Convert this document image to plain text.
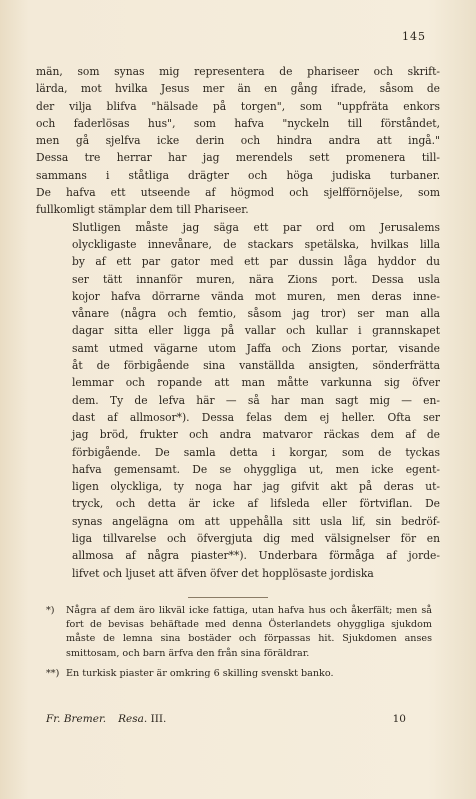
145

män, som synas mig representera de phariseer och skrift-
lärda, mot hvilka Jesus mer än en gång ifrade, såsom de
der vilja blifva "hälsade på torgen", som "uppfräta enkors
och faderlösas hus", som hafva "nyckeln till förståndet,
men gå sjelfva icke derin och hindra andra att ingå."
Dessa tre herrar har jag merendels sett promenera till-
sammans i ståtliga drägter och höga judiska turbaner.
De hafva ett utseende af högmod och sjelfförnöjelse, som
fullkomligt stämplar dem till Phariseer.

Slutligen måste jag säga ett par ord om Jerusalems
olyckligaste innevånare, de stackars spetälska, hvilkas lilla
by af ett par gator med ett par dussin låga hyddor du
ser tätt innanför muren, nära Zions port. Dessa usla
kojor hafva dörrarne vända mot muren, men deras inne-
vånare (några och femtio, såsom jag tror) ser man alla
dagar sitta eller ligga på vallar och kullar i grannskapet
samt utmed vägarne utom Jaffa och Zions portar, visande
åt de förbigående sina vanställda ansigten, sönderfrätta
lemmar och ropande att man måtte varkunna sig öfver
dem. Ty de lefva här — så har man sagt mig — en-
dast af allmosor*). Dessa felas dem ej heller. Ofta ser
jag bröd, frukter och andra matvaror räckas dem af de
förbigående. De samla detta i korgar, som de tyckas
hafva gemensamt. De se ohyggliga ut, men icke egent-
ligen olyckliga, ty noga har jag gifvit akt på deras ut-
tryck, och detta är icke af lifsleda eller förtviflan. De
synas angelägna om att uppehålla sitt usla lif, sin bedröf-
liga tillvarelse och öfvergjuta dig med välsignelser för en
allmosa af några piaster**). Underbara förmåga af jorde-
lifvet och ljuset att äfven öfver det hopplösaste jordiska

*)	Några af dem äro likväl icke fattiga, utan hafva hus och åkerfält; men så fort de bevisas behäftade med denna Österlandets ohyggliga sjukdom måste de lemna sina bostäder och förpassas hit. Sjukdomen anses smittosam, och barn ärfva den från sina föräldrar.
**) En turkisk piaster är omkring 6 skilling svenskt banko.
Fr. Bremer. Resa. III.	10
